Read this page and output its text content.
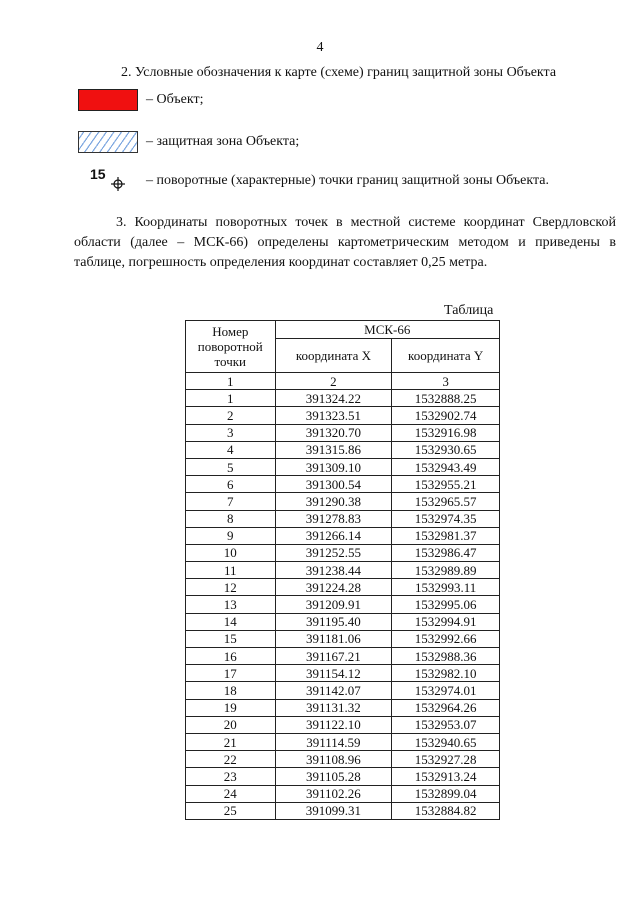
4
2. Условные обозначения к карте (схеме) границ защитной зоны Объекта
– Объект;
– защитная зона Объекта;
15	– поворотные (характерные) точки границ защитной зоны Объекта.
3. Координаты поворотных точек в местной системе координат Свердловской области (далее – МСК-66) определены картометрическим методом и приведены в таблице, погрешность определения координат составляет 0,25 метра.
Таблица
Номер поворотной точки	МСК-66	
	координата X	координата Y
1	2	3
1	391324.22	1532888.25
2	391323.51	1532902.74
3	391320.70	1532916.98
4	391315.86	1532930.65
5	391309.10	1532943.49
6	391300.54	1532955.21
7	391290.38	1532965.57
8	391278.83	1532974.35
9	391266.14	1532981.37
10	391252.55	1532986.47
11	391238.44	1532989.89
12	391224.28	1532993.11
13	391209.91	1532995.06
14	391195.40	1532994.91
15	391181.06	1532992.66
16	391167.21	1532988.36
17	391154.12	1532982.10
18	391142.07	1532974.01
19	391131.32	1532964.26
20	391122.10	1532953.07
21	391114.59	1532940.65
22	391108.96	1532927.28
23	391105.28	1532913.24
24	391102.26	1532899.04
25	391099.31	1532884.82
